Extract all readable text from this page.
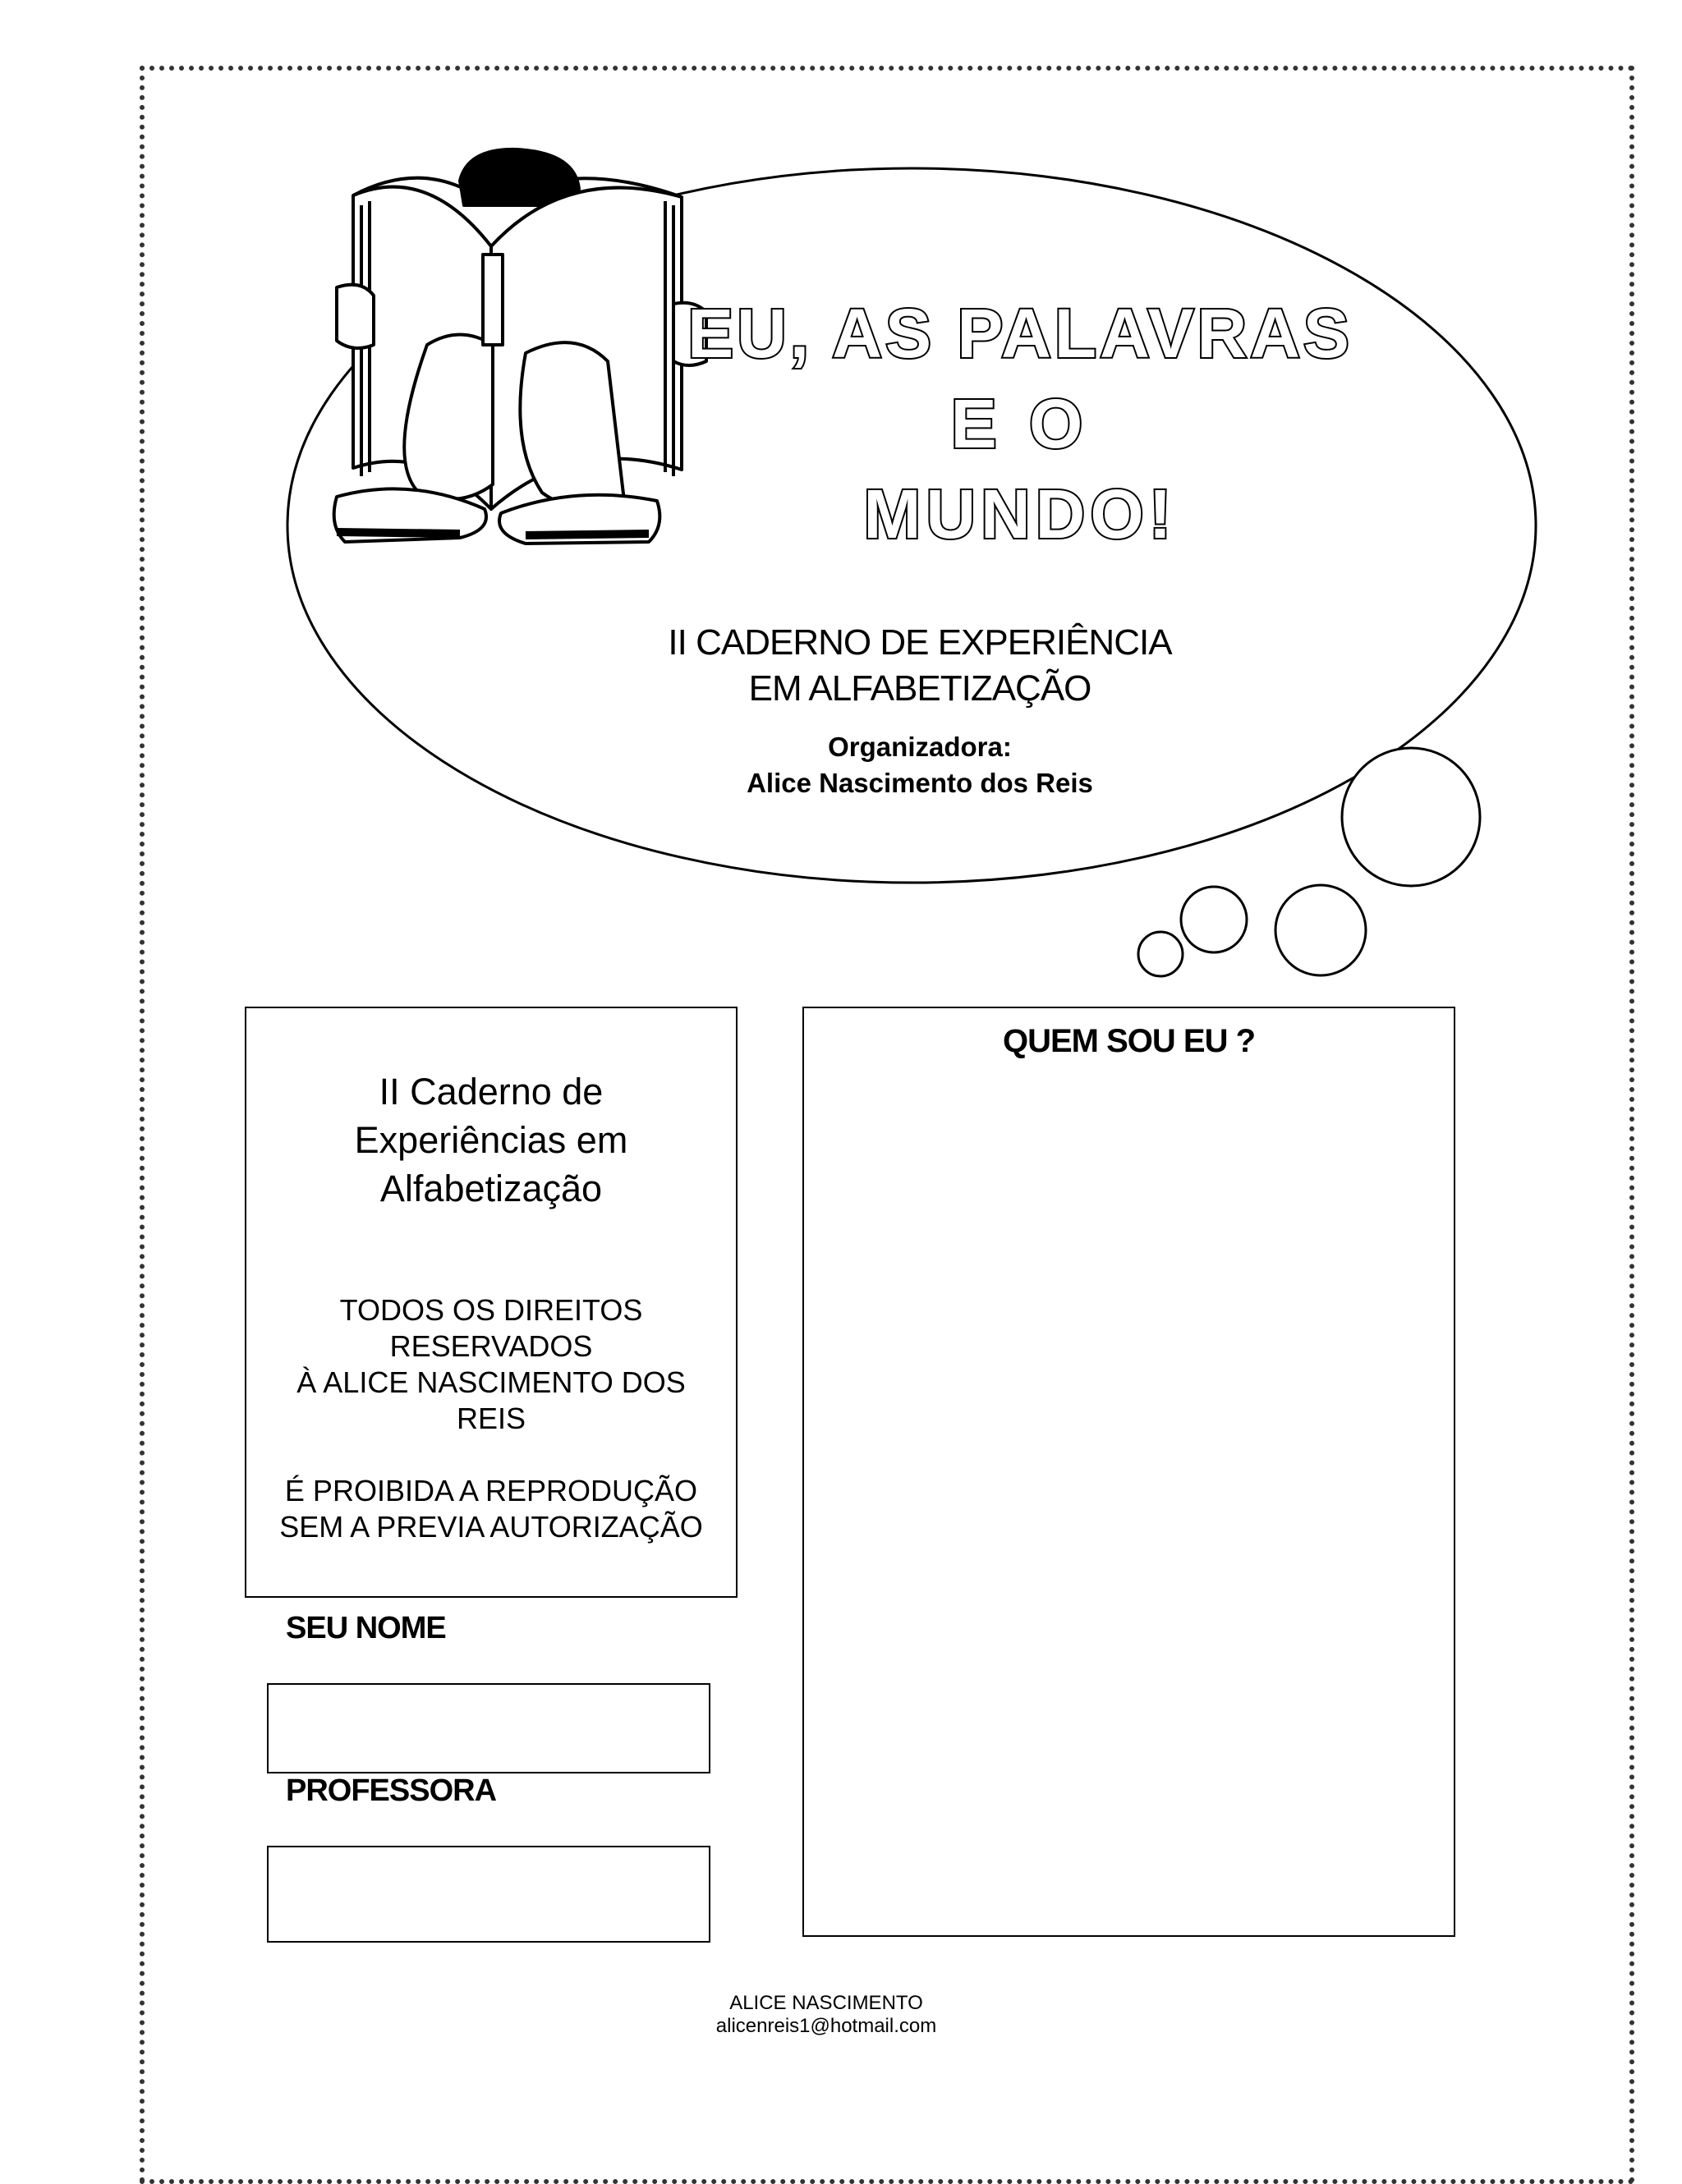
EU, AS PALAVRAS
E O
MUNDO!
II CADERNO DE EXPERIÊNCIA
EM ALFABETIZAÇÃO
Organizadora:
Alice Nascimento dos Reis
II Caderno de
Experiências em
Alfabetização
TODOS OS DIREITOS
RESERVADOS
À ALICE NASCIMENTO DOS
REIS
É PROIBIDA A REPRODUÇÃO
SEM A PREVIA AUTORIZAÇÃO
QUEM SOU EU ?
SEU NOME
PROFESSORA
ALICE NASCIMENTO
alicenreis1@hotmail.com
